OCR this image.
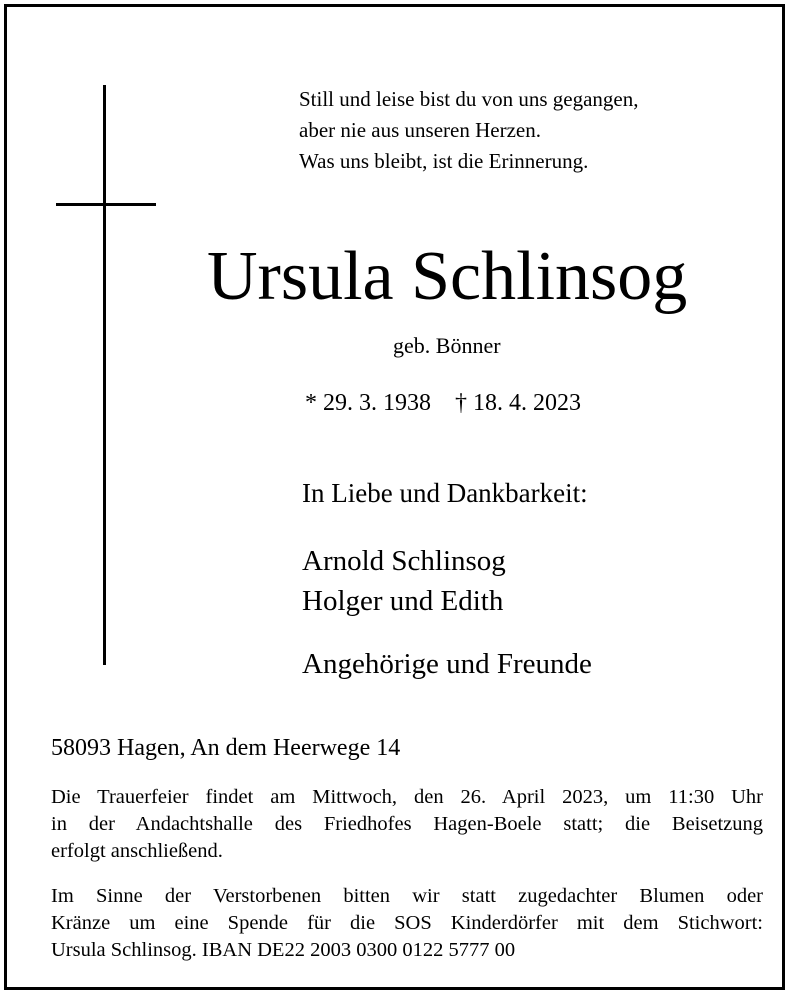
Still und leise bist du von uns gegangen,
aber nie aus unseren Herzen.
Was uns bleibt, ist die Erinnerung.
Ursula Schlinsog
geb. Bönner
* 29. 3. 1938 † 18. 4. 2023
In Liebe und Dankbarkeit:
Arnold Schlinsog
Holger und Edith
Angehörige und Freunde
58093 Hagen, An dem Heerwege 14
Die Trauerfeier findet am Mittwoch, den 26. April 2023, um 11:30 Uhr
in der Andachtshalle des Friedhofes Hagen-Boele statt; die Beisetzung
erfolgt anschließend.
Im Sinne der Verstorbenen bitten wir statt zugedachter Blumen oder
Kränze um eine Spende für die SOS Kinderdörfer mit dem Stichwort:
Ursula Schlinsog. IBAN DE22 2003 0300 0122 5777 00
